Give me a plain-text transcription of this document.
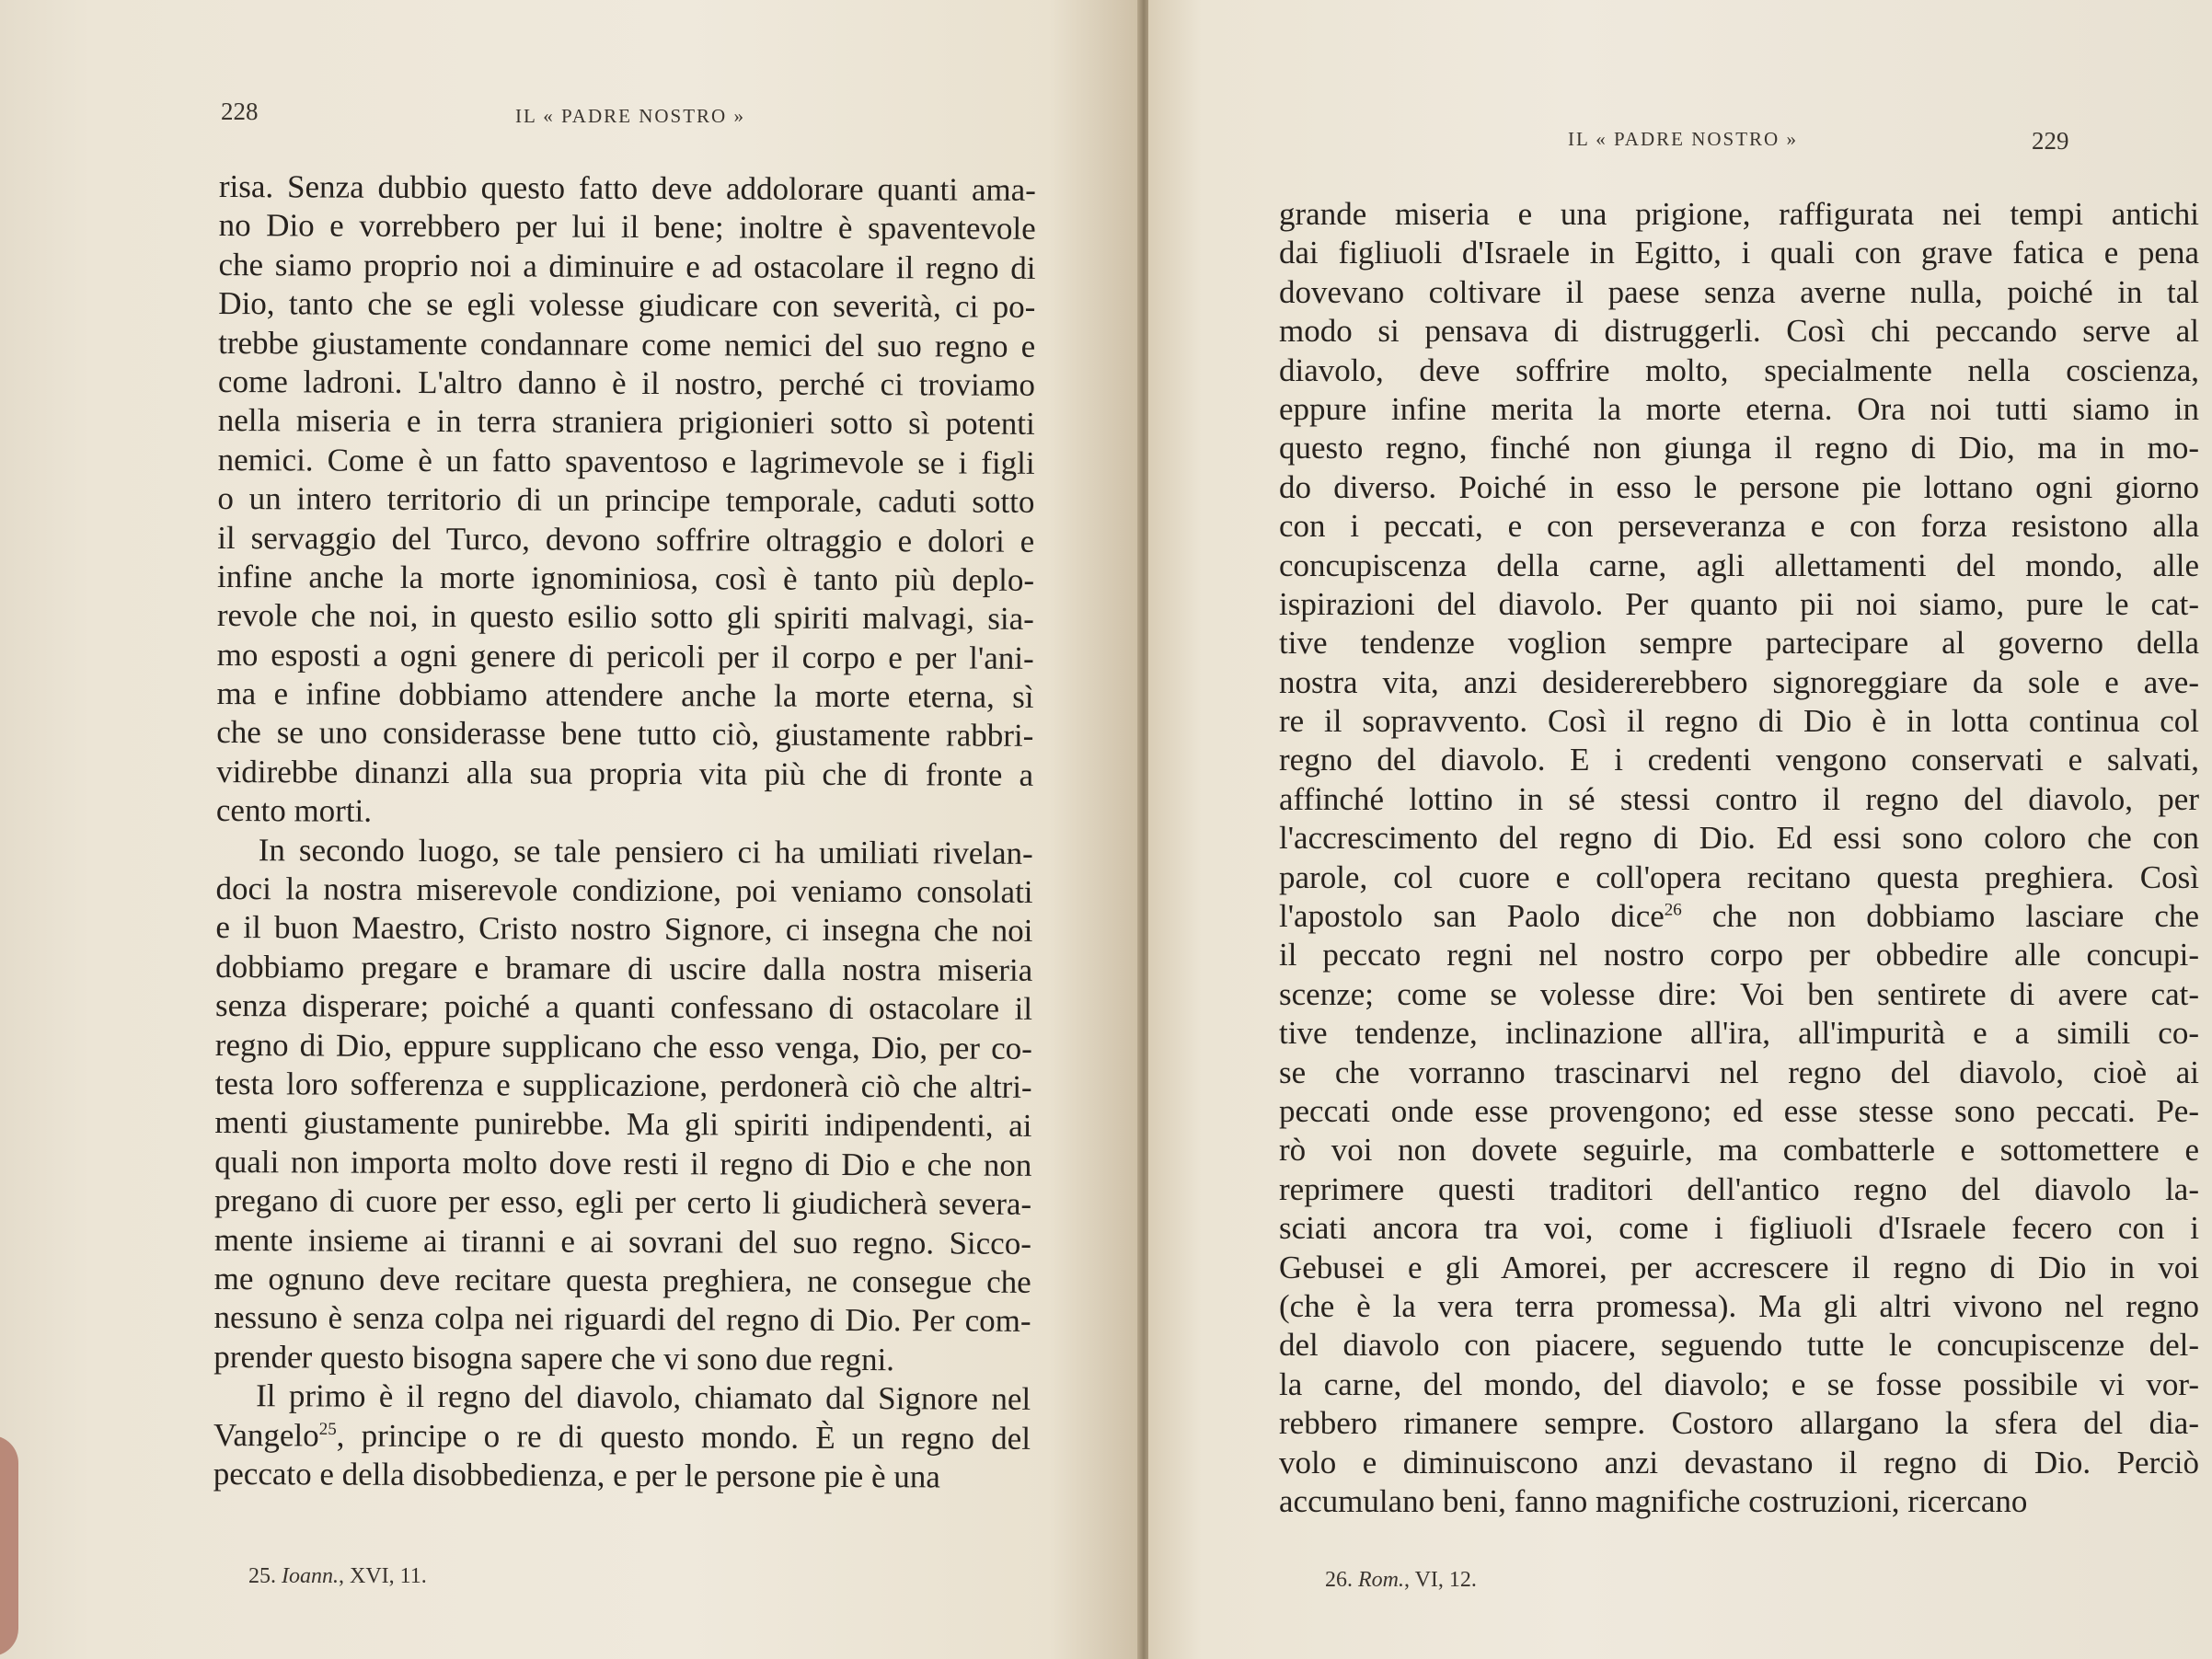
228	IL « PADRE NOSTRO »
risa. Senza dubbio questo fatto deve addolorare quanti ama-
no Dio e vorrebbero per lui il bene; inoltre è spaventevole
che siamo proprio noi a diminuire e ad ostacolare il regno di
Dio, tanto che se egli volesse giudicare con severità, ci po-
trebbe giustamente condannare come nemici del suo regno e
come ladroni. L'altro danno è il nostro, perché ci troviamo
nella miseria e in terra straniera prigionieri sotto sì potenti
nemici. Come è un fatto spaventoso e lagrimevole se i figli
o un intero territorio di un principe temporale, caduti sotto
il servaggio del Turco, devono soffrire oltraggio e dolori e
infine anche la morte ignominiosa, così è tanto più deplo-
revole che noi, in questo esilio sotto gli spiriti malvagi, sia-
mo esposti a ogni genere di pericoli per il corpo e per l'ani-
ma e infine dobbiamo attendere anche la morte eterna, sì
che se uno considerasse bene tutto ciò, giustamente rabbri-
vidirebbe dinanzi alla sua propria vita più che di fronte a
cento morti.
In secondo luogo, se tale pensiero ci ha umiliati rivelan-
doci la nostra miserevole condizione, poi veniamo consolati
e il buon Maestro, Cristo nostro Signore, ci insegna che noi
dobbiamo pregare e bramare di uscire dalla nostra miseria
senza disperare; poiché a quanti confessano di ostacolare il
regno di Dio, eppure supplicano che esso venga, Dio, per co-
testa loro sofferenza e supplicazione, perdonerà ciò che altri-
menti giustamente punirebbe. Ma gli spiriti indipendenti, ai
quali non importa molto dove resti il regno di Dio e che non
pregano di cuore per esso, egli per certo li giudicherà severa-
mente insieme ai tiranni e ai sovrani del suo regno. Sicco-
me ognuno deve recitare questa preghiera, ne consegue che
nessuno è senza colpa nei riguardi del regno di Dio. Per com-
prender questo bisogna sapere che vi sono due regni.
Il primo è il regno del diavolo, chiamato dal Signore nel
Vangelo$^{25}$, principe o re di questo mondo. È un regno del
peccato e della disobbedienza, e per le persone pie è una
25. Ioann., XVI, 11.
IL « PADRE NOSTRO »	229
grande miseria e una prigione, raffigurata nei tempi antichi
dai figliuoli d'Israele in Egitto, i quali con grave fatica e pena
dovevano coltivare il paese senza averne nulla, poiché in tal
modo si pensava di distruggerli. Così chi peccando serve al
diavolo, deve soffrire molto, specialmente nella coscienza,
eppure infine merita la morte eterna. Ora noi tutti siamo in
questo regno, finché non giunga il regno di Dio, ma in mo-
do diverso. Poiché in esso le persone pie lottano ogni giorno
con i peccati, e con perseveranza e con forza resistono alla
concupiscenza della carne, agli allettamenti del mondo, alle
ispirazioni del diavolo. Per quanto pii noi siamo, pure le cat-
tive tendenze voglion sempre partecipare al governo della
nostra vita, anzi desidererebbero signoreggiare da sole e ave-
re il sopravvento. Così il regno di Dio è in lotta continua col
regno del diavolo. E i credenti vengono conservati e salvati,
affinché lottino in sé stessi contro il regno del diavolo, per
l'accrescimento del regno di Dio. Ed essi sono coloro che con
parole, col cuore e coll'opera recitano questa preghiera. Così
l'apostolo san Paolo dice$^{26}$ che non dobbiamo lasciare che
il peccato regni nel nostro corpo per obbedire alle concupi-
scenze; come se volesse dire: Voi ben sentirete di avere cat-
tive tendenze, inclinazione all'ira, all'impurità e a simili co-
se che vorranno trascinarvi nel regno del diavolo, cioè ai
peccati onde esse provengono; ed esse stesse sono peccati. Pe-
rò voi non dovete seguirle, ma combatterle e sottomettere e
reprimere questi traditori dell'antico regno del diavolo la-
sciati ancora tra voi, come i figliuoli d'Israele fecero con i
Gebusei e gli Amorei, per accrescere il regno di Dio in voi
(che è la vera terra promessa). Ma gli altri vivono nel regno
del diavolo con piacere, seguendo tutte le concupiscenze del-
la carne, del mondo, del diavolo; e se fosse possibile vi vor-
rebbero rimanere sempre. Costoro allargano la sfera del dia-
volo e diminuiscono anzi devastano il regno di Dio. Perciò
accumulano beni, fanno magnifiche costruzioni, ricercano
26. Rom., VI, 12.
